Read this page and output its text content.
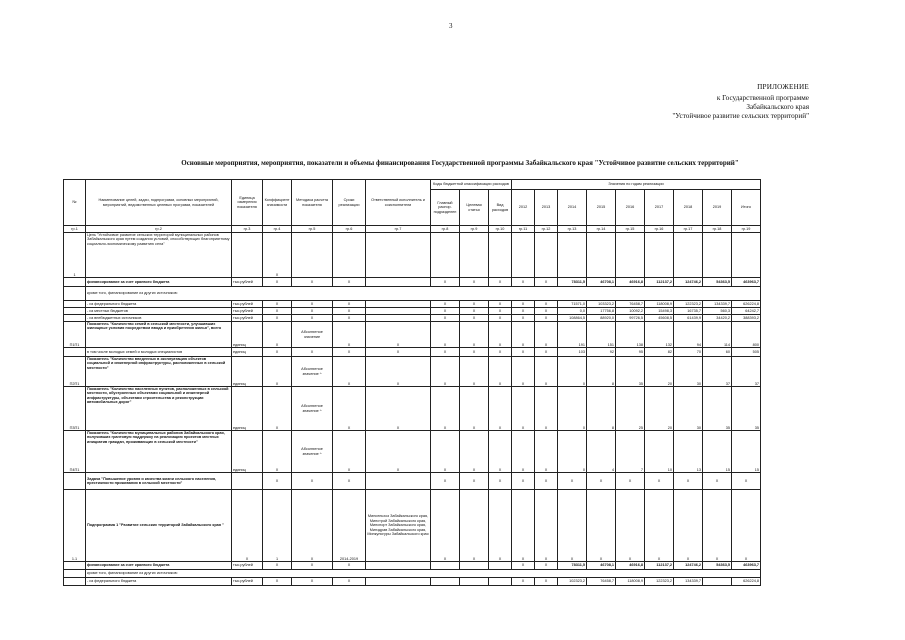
3
ПРИЛОЖЕНИЕ
к Государственной программе
Забайкальского края
"Устойчивое развитие сельских территорий"
Основные мероприятия, мероприятия, показатели и объемы финансирования Государственной программы Забайкальского края "Устойчивое развитие сельских территорий"
№	Наименование целей, задач, подпрограмм, основных мероприятий, мероприятий, ведомственных целевых программ, показателей	Единица измерения показателя	Коэффициент значимости	Методика расчета показателя	Сроки реализации	Ответственный исполнитель и соисполнители	Коды бюджетной классификации расходов			Значения по годам реализации								
							Главный распор. подразделен	Целевая статья	Вид расходов	2012	2013	2014	2015	2016	2017	2018	2019	Итого
гр.1	гр.2	гр.3	гр.4	гр.5	гр.6	гр.7	гр.8	гр.9	гр.10	гр.11	гр.12	гр.13	гр.14	гр.15	гр.16	гр.17	гр.18	гр.19
1	Цель "Устойчивое развитие сельских территорий муниципальных районов Забайкальского края путем создания условий, способствующих благоприятному социально-экономическому развитию села"		Х															
	финансирование за счет краевого бюджета	тыс.рублей	Х	Х	Х		Х	Х	Х	Х	Х	78311,5	46708,1	46916,8	112137,2	124746,2	54363,5	463963,7
	кроме того, финансирование из других источников:																	
	- из федерального бюджета	тыс.рублей	Х	Х	Х		Х	Х	Х	Х	Х	71571,0	103323,2	76458,7	118008,9	122323,2	134339,7	626224,8
	- из местных бюджетов	тыс.рублей	Х	Х	Х		Х	Х	Х	Х	Х	0,0	17756,8	10092,2	15498,3	16735,7	560,3	64242,7
	- из внебюджетных источников	тыс.рублей	Х	Х	Х		Х	Х	Х	Х	Х	108864,5	88920,0	99726,5	45608,5	61439,9	34420,2	388393,2
П1П1	Показатель "Количество семей в сельской местности, улучшивших жилищные условия посредством ввода и приобретения жилья", всего	единиц	Х	Абсолютное значение	Х	Х	Х	Х	Х	Х	Х	191	151	138	132	94	114	800
	в том числе молодых семей и молодых специалистов	единиц	Х	Х	Х	Х	Х	Х	Х	Х	Х	103	92	95	82	70	60	505
П2П1	Показатель "Количество введенных в эксплуатацию объектов социальной и инженерной инфраструктуры, расположенных в сельской местности"	единиц	Х	Абсолютное значение ^	Х	Х	Х	Х	Х	Х	Х	0	8	35	20	30	37	37
П3П1	Показатель "Количество населенных пунктов, расположенных в сельской местности, обустроенных объектами социальной и инженерной инфраструктуры, объектами строительства и реконструкции автомобильных дорог"	единиц	Х	Абсолютное значение ^	Х	Х	Х	Х	Х	Х	Х	0	8	25	20	30	35	35
П4П1	Показатель "Количество муниципальных районов Забайкальского края, получивших грантовую поддержку на реализацию проектов местных инициатив граждан, проживающих в сельской местности"	единиц	Х	Абсолютное значение ^	Х	Х	Х	Х	Х	Х	Х	0	4	7	10	13	15	15
	Задача "Повышение уровня и качества жизни сельского населения, престижности проживания в сельской местности"		Х	Х	Х		Х	Х	Х	Х	Х	Х	Х	Х	Х	Х	Х	Х
1.1	Подпрограмма 1 "Развитие сельских территорий Забайкальского края "	Х	1	Х	2014-2019	Минсельхоз Забайкальского края, Минстрой Забайкальского края, Минспорт Забайкальского края, Минздрав Забайкальского края, Минкультуры Забайкальского края	Х	Х	Х	Х	Х	Х	Х	Х	Х	Х	Х	Х
	финансирование за счет краевого бюджета	тыс.рублей	Х	Х	Х					Х	Х	78311,5	46708,1	46916,8	112137,2	124746,2	54363,5	463963,7
	кроме того, финансирование из других источников:																	
	- из федерального бюджета	тыс.рублей	Х	Х	Х					Х	Х	102323,2	76458,7	118008,9	122323,2	134339,7		626224,8
